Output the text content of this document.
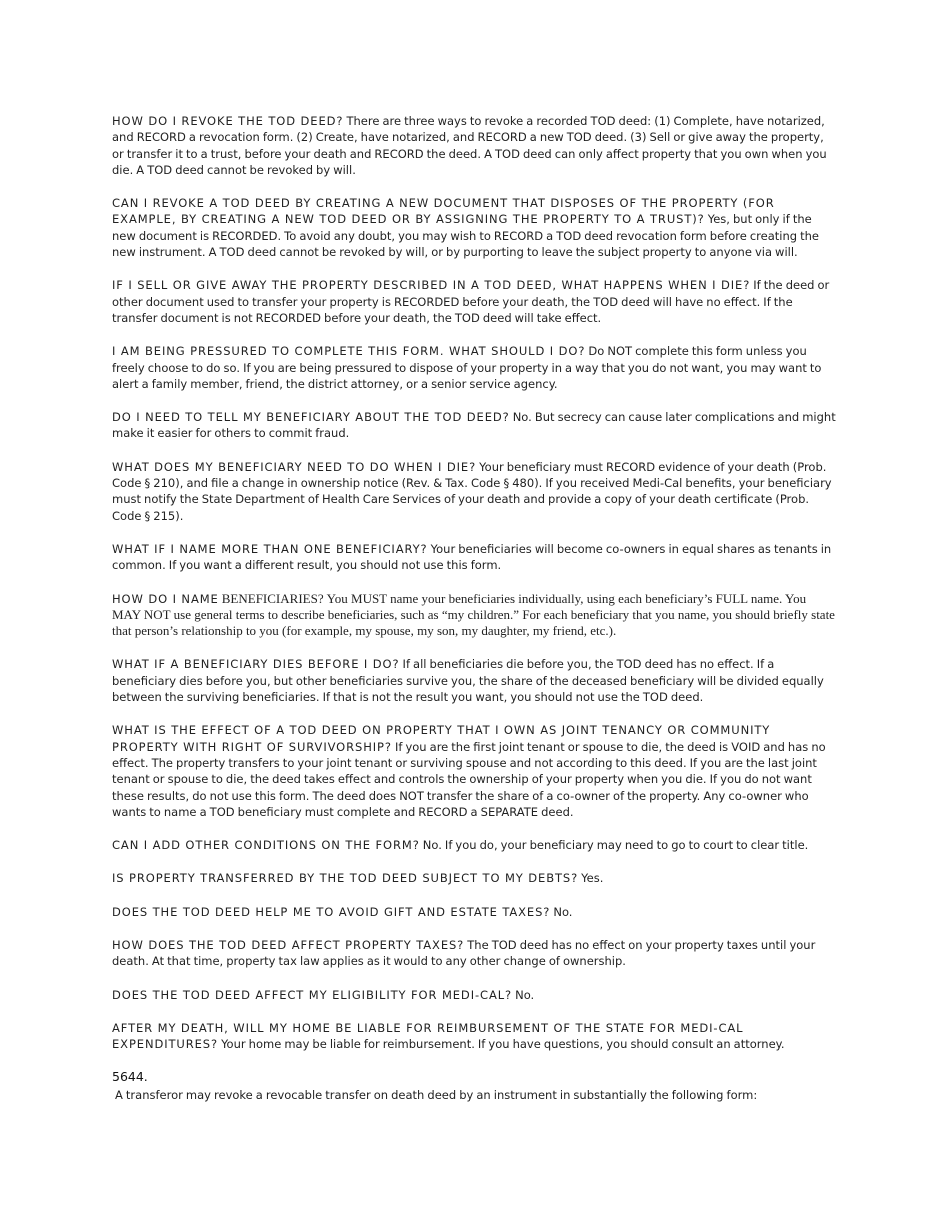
HOW DO I REVOKE THE TOD DEED? There are three ways to revoke a recorded TOD deed: (1) Complete, have notarized, and RECORD a revocation form. (2) Create, have notarized, and RECORD a new TOD deed. (3) Sell or give away the property, or transfer it to a trust, before your death and RECORD the deed. A TOD deed can only affect property that you own when you die. A TOD deed cannot be revoked by will.

CAN I REVOKE A TOD DEED BY CREATING A NEW DOCUMENT THAT DISPOSES OF THE PROPERTY (FOR EXAMPLE, BY CREATING A NEW TOD DEED OR BY ASSIGNING THE PROPERTY TO A TRUST)? Yes, but only if the new document is RECORDED. To avoid any doubt, you may wish to RECORD a TOD deed revocation form before creating the new instrument. A TOD deed cannot be revoked by will, or by purporting to leave the subject property to anyone via will.

IF I SELL OR GIVE AWAY THE PROPERTY DESCRIBED IN A TOD DEED, WHAT HAPPENS WHEN I DIE? If the deed or other document used to transfer your property is RECORDED before your death, the TOD deed will have no effect. If the transfer document is not RECORDED before your death, the TOD deed will take effect.

I AM BEING PRESSURED TO COMPLETE THIS FORM. WHAT SHOULD I DO? Do NOT complete this form unless you freely choose to do so. If you are being pressured to dispose of your property in a way that you do not want, you may want to alert a family member, friend, the district attorney, or a senior service agency.

DO I NEED TO TELL MY BENEFICIARY ABOUT THE TOD DEED? No. But secrecy can cause later complications and might make it easier for others to commit fraud.

WHAT DOES MY BENEFICIARY NEED TO DO WHEN I DIE? Your beneficiary must RECORD evidence of your death (Prob. Code § 210), and file a change in ownership notice (Rev. & Tax. Code § 480). If you received Medi-Cal benefits, your beneficiary must notify the State Department of Health Care Services of your death and provide a copy of your death certificate (Prob. Code § 215).

WHAT IF I NAME MORE THAN ONE BENEFICIARY? Your beneficiaries will become co-owners in equal shares as tenants in common. If you want a different result, you should not use this form.

HOW DO I NAME BENEFICIARIES? You MUST name your beneficiaries individually, using each beneficiary’s FULL name. You MAY NOT use general terms to describe beneficiaries, such as “my children.” For each beneficiary that you name, you should briefly state that person’s relationship to you (for example, my spouse, my son, my daughter, my friend, etc.).

WHAT IF A BENEFICIARY DIES BEFORE I DO? If all beneficiaries die before you, the TOD deed has no effect. If a beneficiary dies before you, but other beneficiaries survive you, the share of the deceased beneficiary will be divided equally between the surviving beneficiaries. If that is not the result you want, you should not use the TOD deed.

WHAT IS THE EFFECT OF A TOD DEED ON PROPERTY THAT I OWN AS JOINT TENANCY OR COMMUNITY PROPERTY WITH RIGHT OF SURVIVORSHIP? If you are the first joint tenant or spouse to die, the deed is VOID and has no effect. The property transfers to your joint tenant or surviving spouse and not according to this deed. If you are the last joint tenant or spouse to die, the deed takes effect and controls the ownership of your property when you die. If you do not want these results, do not use this form. The deed does NOT transfer the share of a co-owner of the property. Any co-owner who wants to name a TOD beneficiary must complete and RECORD a SEPARATE deed.

CAN I ADD OTHER CONDITIONS ON THE FORM? No. If you do, your beneficiary may need to go to court to clear title.

IS PROPERTY TRANSFERRED BY THE TOD DEED SUBJECT TO MY DEBTS? Yes.

DOES THE TOD DEED HELP ME TO AVOID GIFT AND ESTATE TAXES? No.

HOW DOES THE TOD DEED AFFECT PROPERTY TAXES? The TOD deed has no effect on your property taxes until your death. At that time, property tax law applies as it would to any other change of ownership.

DOES THE TOD DEED AFFECT MY ELIGIBILITY FOR MEDI-CAL? No.

AFTER MY DEATH, WILL MY HOME BE LIABLE FOR REIMBURSEMENT OF THE STATE FOR MEDI-CAL EXPENDITURES? Your home may be liable for reimbursement. If you have questions, you should consult an attorney.

5644.

A transferor may revoke a revocable transfer on death deed by an instrument in substantially the following form:
